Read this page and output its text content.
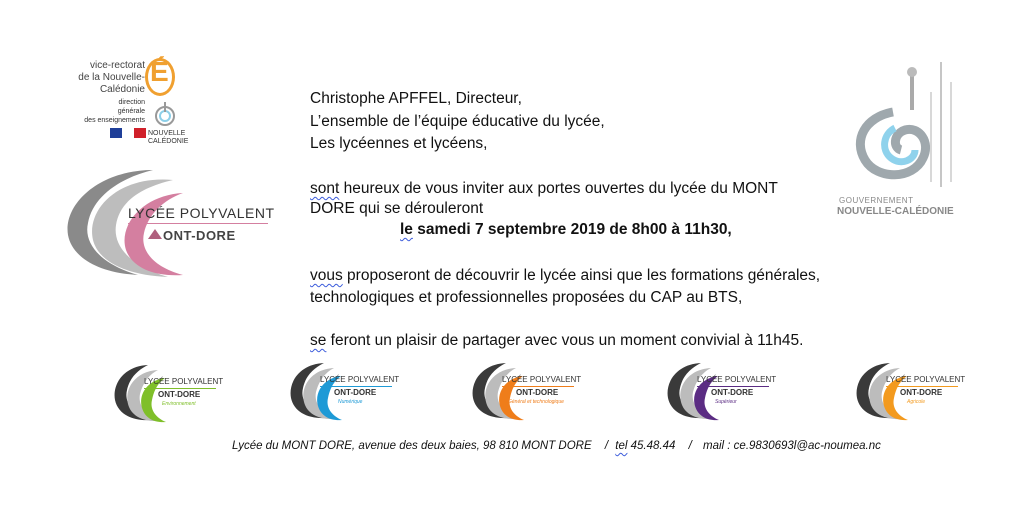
vice-rectorat
de la Nouvelle-Calédonie
É
direction
générale
des enseignements
NOUVELLE
CALÉDONIE
LYCÉE POLYVALENT
ONT-DORE
GOUVERNEMENT
NOUVELLE-CALÉDONIE
Christophe APFFEL, Directeur,
L’ensemble de l’équipe éducative du lycée,
Les lycéennes et lycéens,
sont heureux de vous inviter aux portes ouvertes du lycée du MONT
DORE qui se dérouleront
le samedi 7 septembre 2019 de 8h00 à 11h30,
vous proposeront de découvrir le lycée ainsi que les formations générales,
technologiques et professionnelles proposées du CAP au BTS,
se feront un plaisir de partager avec vous un moment convivial à 11h45.
LYCÉE POLYVALENT
ONT-DORE
Environnement
LYCÉE POLYVALENT
ONT-DORE
Numérique
LYCÉE POLYVALENT
ONT-DORE
Général et technologique
LYCÉE POLYVALENT
ONT-DORE
Supérieur
LYCÉE POLYVALENT
ONT-DORE
Agricole
Lycée du MONT DORE, avenue des deux baies, 98 810 MONT DORE / tel 45.48.44 / mail : ce.9830693l@ac-noumea.nc
